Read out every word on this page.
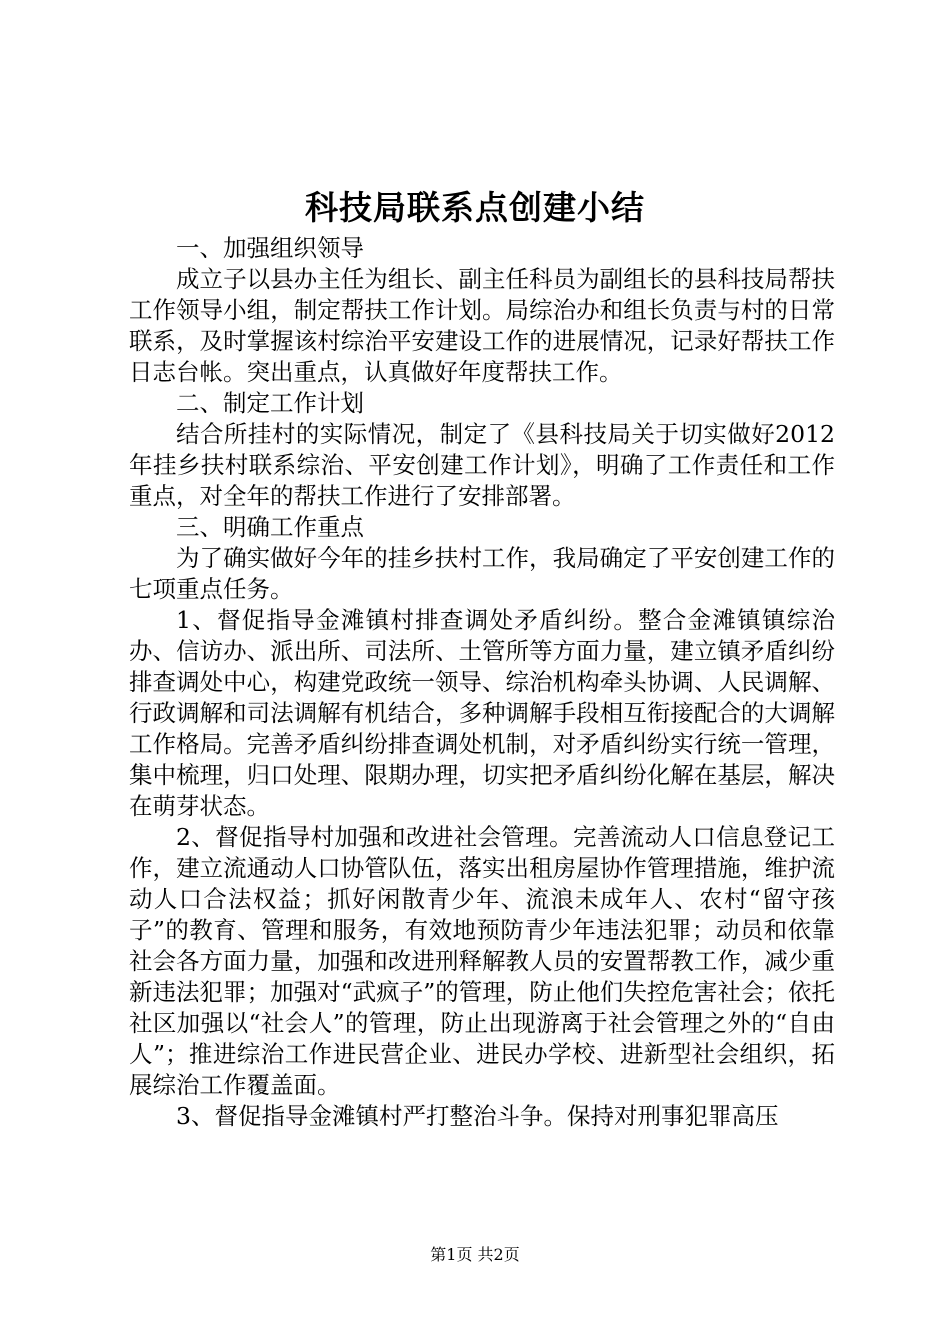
科技局联系点创建小结

一、加强组织领导

成立子以县办主任为组长、副主任科员为副组长的县科技局帮扶工作领导小组，制定帮扶工作计划。局综治办和组长负责与村的日常联系，及时掌握该村综治平安建设工作的进展情况，记录好帮扶工作日志台帐。突出重点，认真做好年度帮扶工作。

二、制定工作计划

结合所挂村的实际情况，制定了《县科技局关于切实做好2012年挂乡扶村联系综治、平安创建工作计划》，明确了工作责任和工作重点，对全年的帮扶工作进行了安排部署。

三、明确工作重点

为了确实做好今年的挂乡扶村工作，我局确定了平安创建工作的七项重点任务。

1、督促指导金滩镇村排查调处矛盾纠纷。整合金滩镇镇综治办、信访办、派出所、司法所、土管所等方面力量，建立镇矛盾纠纷排查调处中心，构建党政统一领导、综治机构牵头协调、人民调解、行政调解和司法调解有机结合，多种调解手段相互衔接配合的大调解工作格局。完善矛盾纠纷排查调处机制，对矛盾纠纷实行统一管理，集中梳理，归口处理、限期办理，切实把矛盾纠纷化解在基层，解决在萌芽状态。

2、督促指导村加强和改进社会管理。完善流动人口信息登记工作，建立流通动人口协管队伍，落实出租房屋协作管理措施，维护流动人口合法权益；抓好闲散青少年、流浪未成年人、农村“留守孩子”的教育、管理和服务，有效地预防青少年违法犯罪；动员和依靠社会各方面力量，加强和改进刑释解教人员的安置帮教工作，减少重新违法犯罪；加强对“武疯子”的管理，防止他们失控危害社会；依托社区加强以“社会人”的管理，防止出现游离于社会管理之外的“自由人”；推进综治工作进民营企业、进民办学校、进新型社会组织，拓展综治工作覆盖面。

3、督促指导金滩镇村严打整治斗争。保持对刑事犯罪高压

第1页 共2页
